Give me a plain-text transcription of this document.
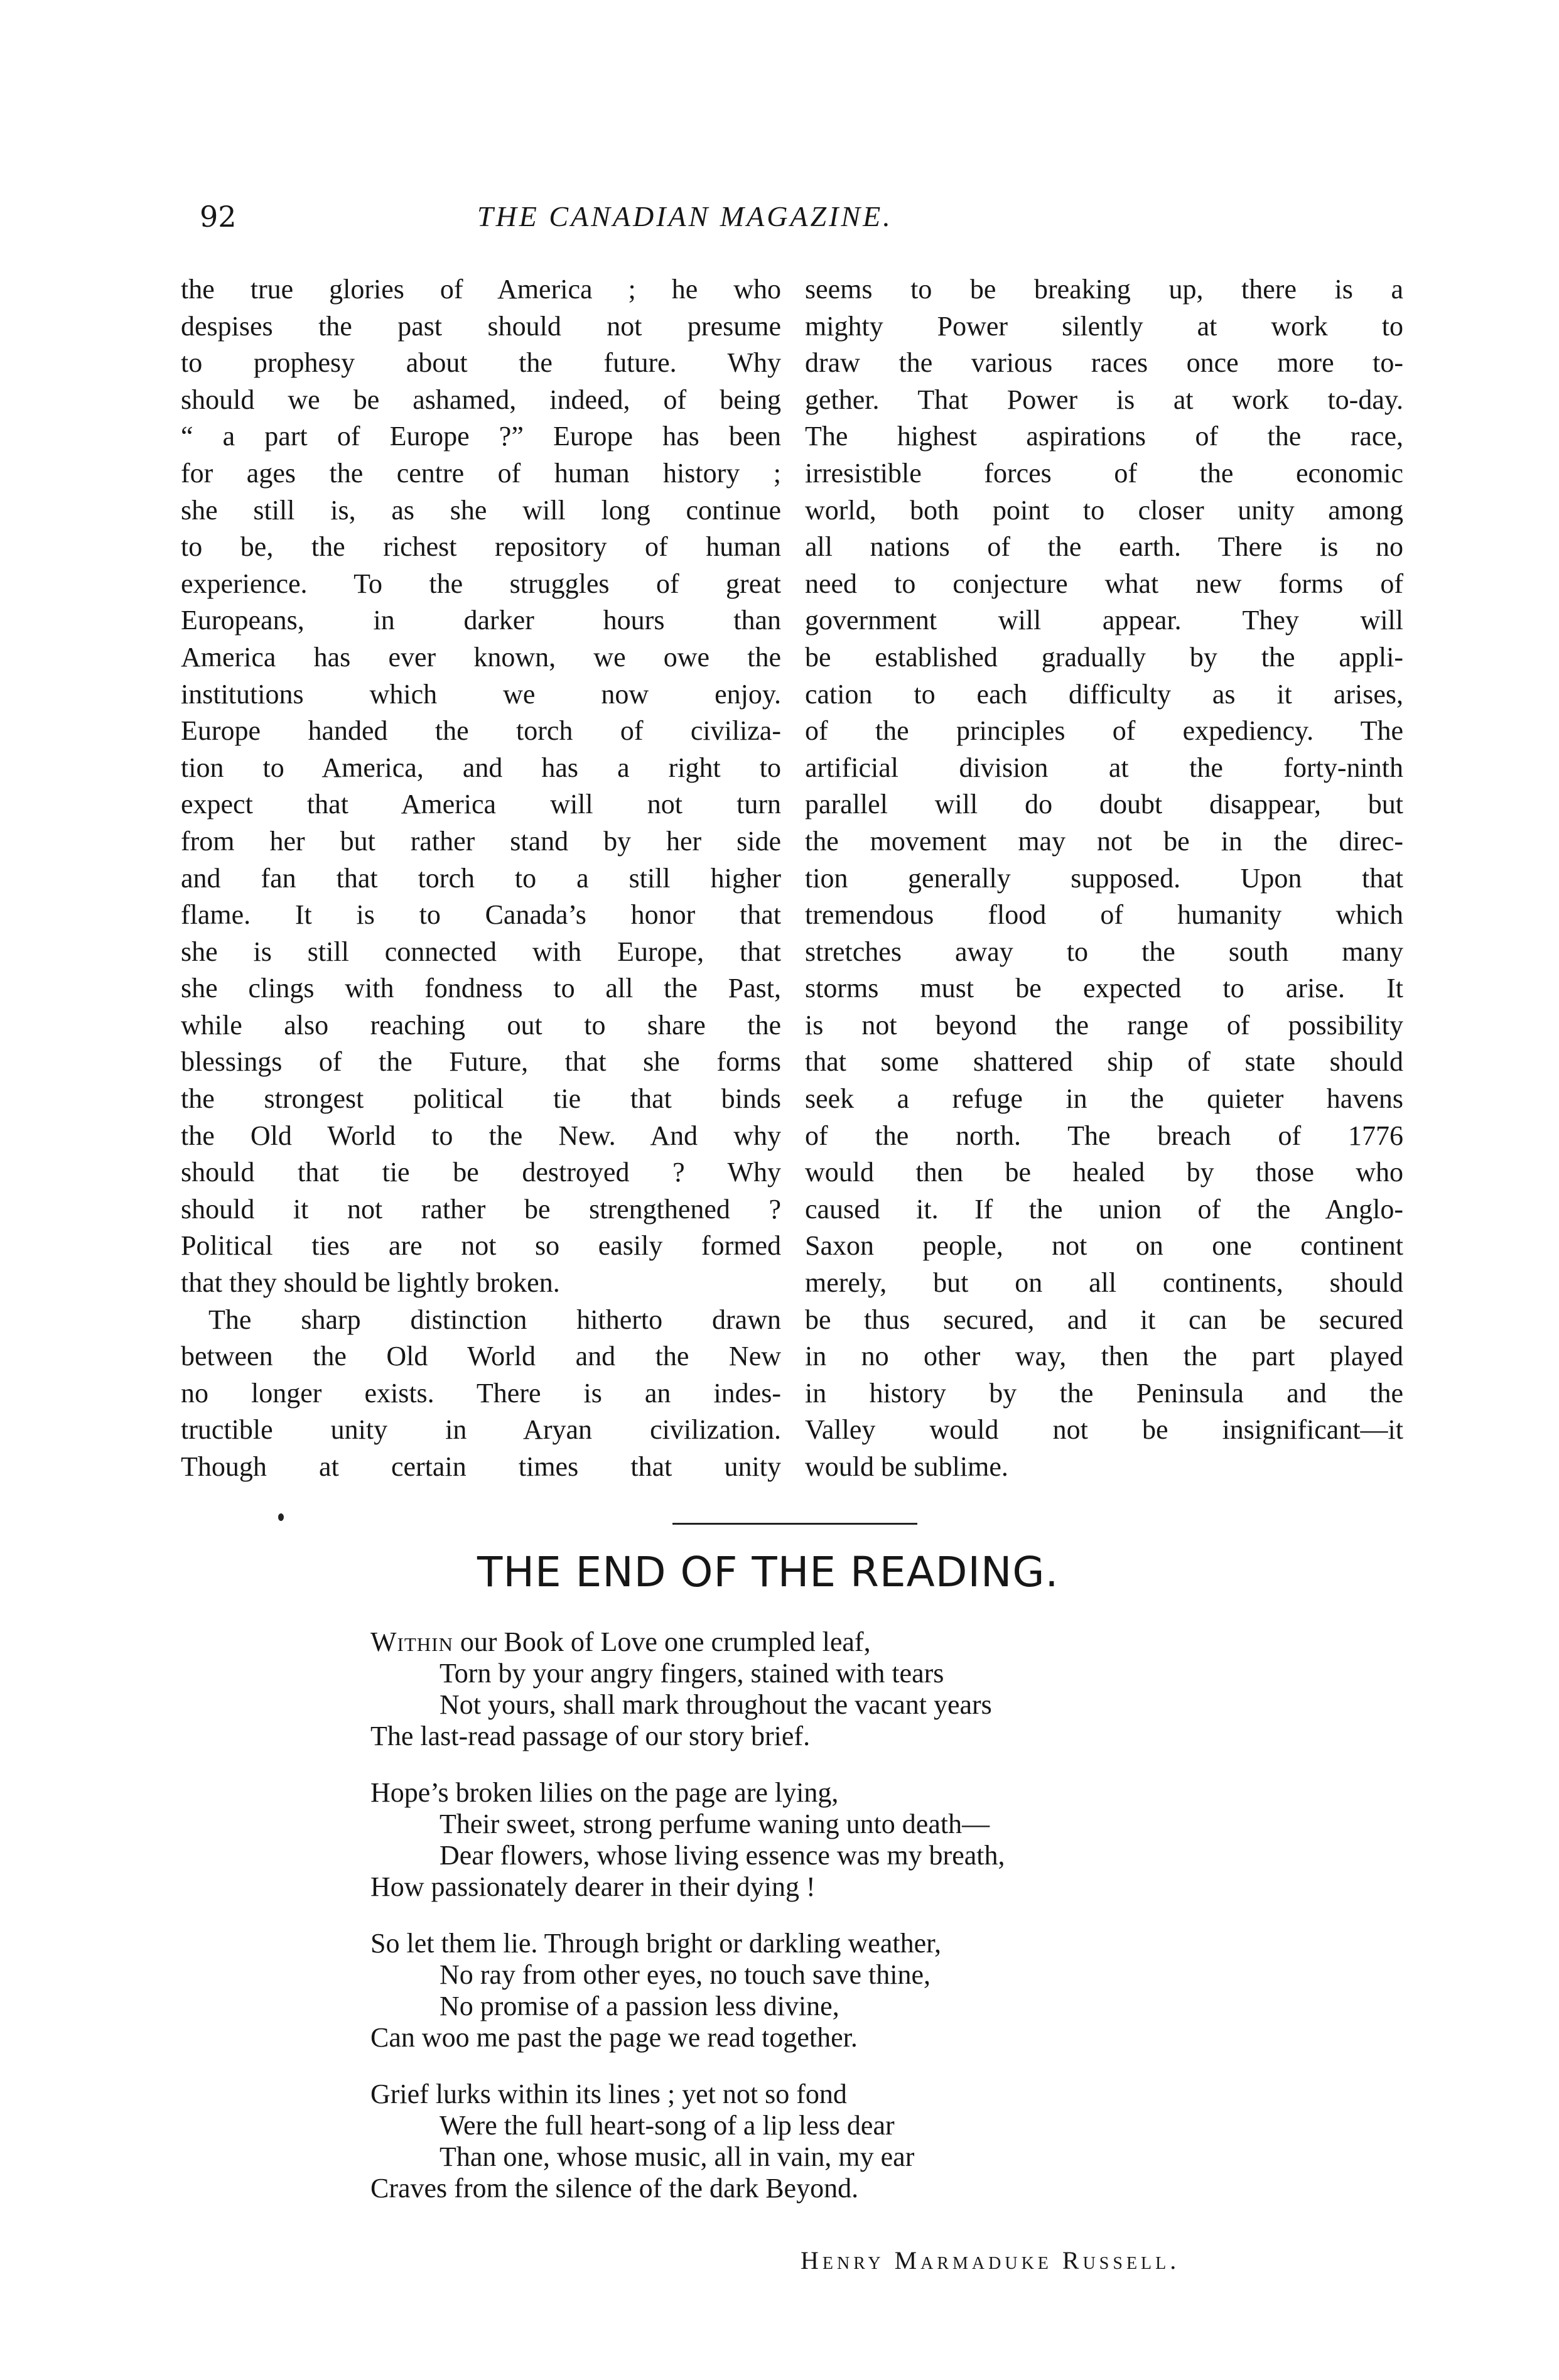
92	THE CANADIAN MAGAZINE.
the true glories of America ; he who
despises the past should not presume
to prophesy about the future. Why
should we be ashamed, indeed, of being
“ a part of Europe ?” Europe has been
for ages the centre of human history ;
she still is, as she will long continue
to be, the richest repository of human
experience. To the struggles of great
Europeans, in darker hours than
America has ever known, we owe the
institutions which we now enjoy.
Europe handed the torch of civiliza-
tion to America, and has a right to
expect that America will not turn
from her but rather stand by her side
and fan that torch to a still higher
flame. It is to Canada’s honor that
she is still connected with Europe, that
she clings with fondness to all the Past,
while also reaching out to share the
blessings of the Future, that she forms
the strongest political tie that binds
the Old World to the New. And why
should that tie be destroyed ? Why
should it not rather be strengthened ?
Political ties are not so easily formed
that they should be lightly broken.
The sharp distinction hitherto drawn
between the Old World and the New
no longer exists. There is an indes-
tructible unity in Aryan civilization.
Though at certain times that unity
seems to be breaking up, there is a
mighty Power silently at work to
draw the various races once more to-
gether. That Power is at work to-day.
The highest aspirations of the race,
irresistible forces of the economic
world, both point to closer unity among
all nations of the earth. There is no
need to conjecture what new forms of
government will appear. They will
be established gradually by the appli-
cation to each difficulty as it arises,
of the principles of expediency. The
artificial division at the forty-ninth
parallel will do doubt disappear, but
the movement may not be in the direc-
tion generally supposed. Upon that
tremendous flood of humanity which
stretches away to the south many
storms must be expected to arise. It
is not beyond the range of possibility
that some shattered ship of state should
seek a refuge in the quieter havens
of the north. The breach of 1776
would then be healed by those who
caused it. If the union of the Anglo-
Saxon people, not on one continent
merely, but on all continents, should
be thus secured, and it can be secured
in no other way, then the part played
in history by the Peninsula and the
Valley would not be insignificant—it
would be sublime.
THE END OF THE READING.
Within our Book of Love one crumpled leaf,
Torn by your angry fingers, stained with tears
Not yours, shall mark throughout the vacant years
The last-read passage of our story brief.
Hope’s broken lilies on the page are lying,
Their sweet, strong perfume waning unto death—
Dear flowers, whose living essence was my breath,
How passionately dearer in their dying !
So let them lie. Through bright or darkling weather,
No ray from other eyes, no touch save thine,
No promise of a passion less divine,
Can woo me past the page we read together.
Grief lurks within its lines ; yet not so fond
Were the full heart-song of a lip less dear
Than one, whose music, all in vain, my ear
Craves from the silence of the dark Beyond.
Henry Marmaduke Russell.
